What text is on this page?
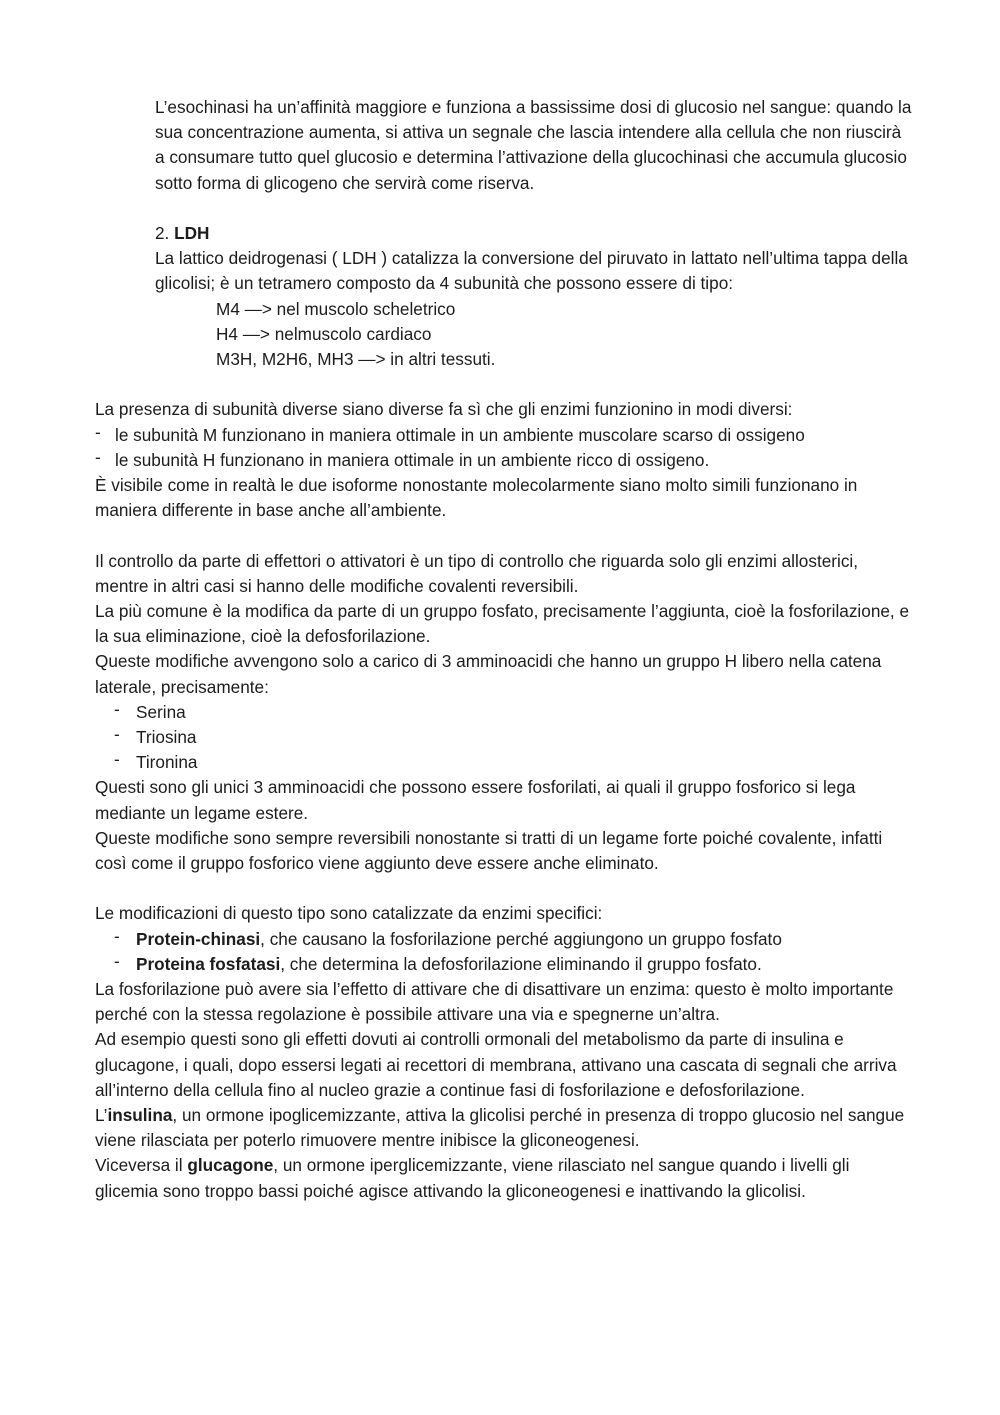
L’esochinasi ha un’affinità maggiore e funziona a bassissime dosi di glucosio nel sangue: quando la sua concentrazione aumenta, si attiva un segnale che lascia intendere alla cellula che non riuscirà a consumare tutto quel glucosio e determina l’attivazione della glucochinasi che accumula glucosio sotto forma di glicogeno che servirà come riserva.

2. LDH

La lattico deidrogenasi ( LDH ) catalizza la conversione del piruvato in lattato nell’ultima tappa della glicolisi; è un tetramero composto da 4 subunità che possono essere di tipo:

M4 —> nel muscolo scheletrico

H4 —> nelmuscolo cardiaco

M3H, M2H6, MH3 —> in altri tessuti.

La presenza di subunità diverse siano diverse fa sì che gli enzimi funzionino in modi diversi:

- le subunità M funzionano in maniera ottimale in un ambiente muscolare scarso di ossigeno
- le subunità H funzionano in maniera ottimale in un ambiente ricco di ossigeno.

È visibile come in realtà le due isoforme nonostante molecolarmente siano molto simili funzionano in maniera differente in base anche all’ambiente.

Il controllo da parte di effettori o attivatori è un tipo di controllo che riguarda solo gli enzimi allosterici, mentre in altri casi si hanno delle modifiche covalenti reversibili.

La più comune è la modifica da parte di un gruppo fosfato, precisamente l’aggiunta, cioè la fosforilazione, e la sua eliminazione, cioè la defosforilazione.

Queste modifiche avvengono solo a carico di 3 amminoacidi che hanno un gruppo H libero nella catena laterale, precisamente:

- Serina
- Triosina
- Tironina

Questi sono gli unici 3 amminoacidi che possono essere fosforilati, ai quali il gruppo fosforico si lega mediante un legame estere.

Queste modifiche sono sempre reversibili nonostante si tratti di un legame forte poiché covalente, infatti così come il gruppo fosforico viene aggiunto deve essere anche eliminato.

Le modificazioni di questo tipo sono catalizzate da enzimi specifici:

- Protein-chinasi, che causano la fosforilazione perché aggiungono un gruppo fosfato
- Proteina fosfatasi, che determina la defosforilazione eliminando il gruppo fosfato.

La fosforilazione può avere sia l’effetto di attivare che di disattivare un enzima: questo è molto importante perché con la stessa regolazione è possibile attivare una via e spegnerne un’altra.

Ad esempio questi sono gli effetti dovuti ai controlli ormonali del metabolismo da parte di insulina e glucagone, i quali, dopo essersi legati ai recettori di membrana, attivano una cascata di segnali che arriva all’interno della cellula fino al nucleo grazie a continue fasi di fosforilazione e defosforilazione.

L’insulina, un ormone ipoglicemizzante, attiva la glicolisi perché in presenza di troppo glucosio nel sangue viene rilasciata per poterlo rimuovere mentre inibisce la gliconeogenesi.

Viceversa il glucagone, un ormone iperglicemizzante, viene rilasciato nel sangue quando i livelli gli glicemia sono troppo bassi poiché agisce attivando la gliconeogenesi e inattivando la glicolisi.
